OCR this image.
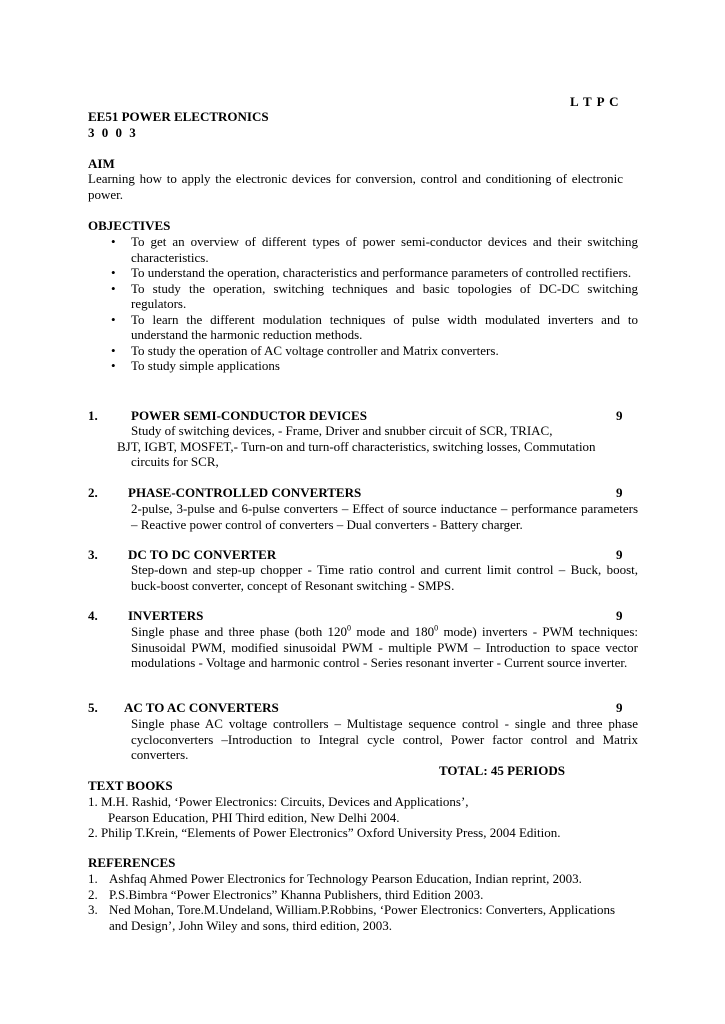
L T P C
EE51 POWER ELECTRONICS
3 0 0 3
AIM
Learning how to apply the electronic devices for conversion, control and conditioning of electronic power.
OBJECTIVES
• To get an overview of different types of power semi-conductor devices and their switching characteristics.
• To understand the operation, characteristics and performance parameters of controlled rectifiers.
• To study the operation, switching techniques and basic topologies of DC-DC switching regulators.
• To learn the different modulation techniques of pulse width modulated inverters and to understand the harmonic reduction methods.
• To study the operation of AC voltage controller and Matrix converters.
• To study simple applications
1.	POWER SEMI-CONDUCTOR DEVICES	9
Study of switching devices, - Frame, Driver and snubber circuit of SCR, TRIAC,
BJT, IGBT, MOSFET,- Turn-on and turn-off characteristics, switching losses, Commutation
circuits for SCR,
2. PHASE-CONTROLLED CONVERTERS	9
2-pulse, 3-pulse and 6-pulse converters – Effect of source inductance – performance parameters – Reactive power control of converters – Dual converters - Battery charger.
3. DC TO DC CONVERTER	9
Step-down and step-up chopper - Time ratio control and current limit control – Buck, boost, buck-boost converter, concept of Resonant switching - SMPS.
4. INVERTERS	9
Single phase and three phase (both $120^0$ mode and $180^0$ mode) inverters - PWM techniques: Sinusoidal PWM, modified sinusoidal PWM - multiple PWM – Introduction to space vector modulations - Voltage and harmonic control - Series resonant inverter - Current source inverter.
5. AC TO AC CONVERTERS	9
Single phase AC voltage controllers – Multistage sequence control - single and three phase cycloconverters –Introduction to Integral cycle control, Power factor control and Matrix converters.
TOTAL: 45 PERIODS
TEXT BOOKS
1. M.H. Rashid, ‘Power Electronics: Circuits, Devices and Applications’,
Pearson Education, PHI Third edition, New Delhi 2004.
2. Philip T.Krein, “Elements of Power Electronics” Oxford University Press, 2004 Edition.
REFERENCES
1. Ashfaq Ahmed Power Electronics for Technology Pearson Education, Indian reprint, 2003.
2. P.S.Bimbra “Power Electronics” Khanna Publishers, third Edition 2003.
3. Ned Mohan, Tore.M.Undeland, William.P.Robbins, ‘Power Electronics: Converters, Applications
and Design’, John Wiley and sons, third edition, 2003.
